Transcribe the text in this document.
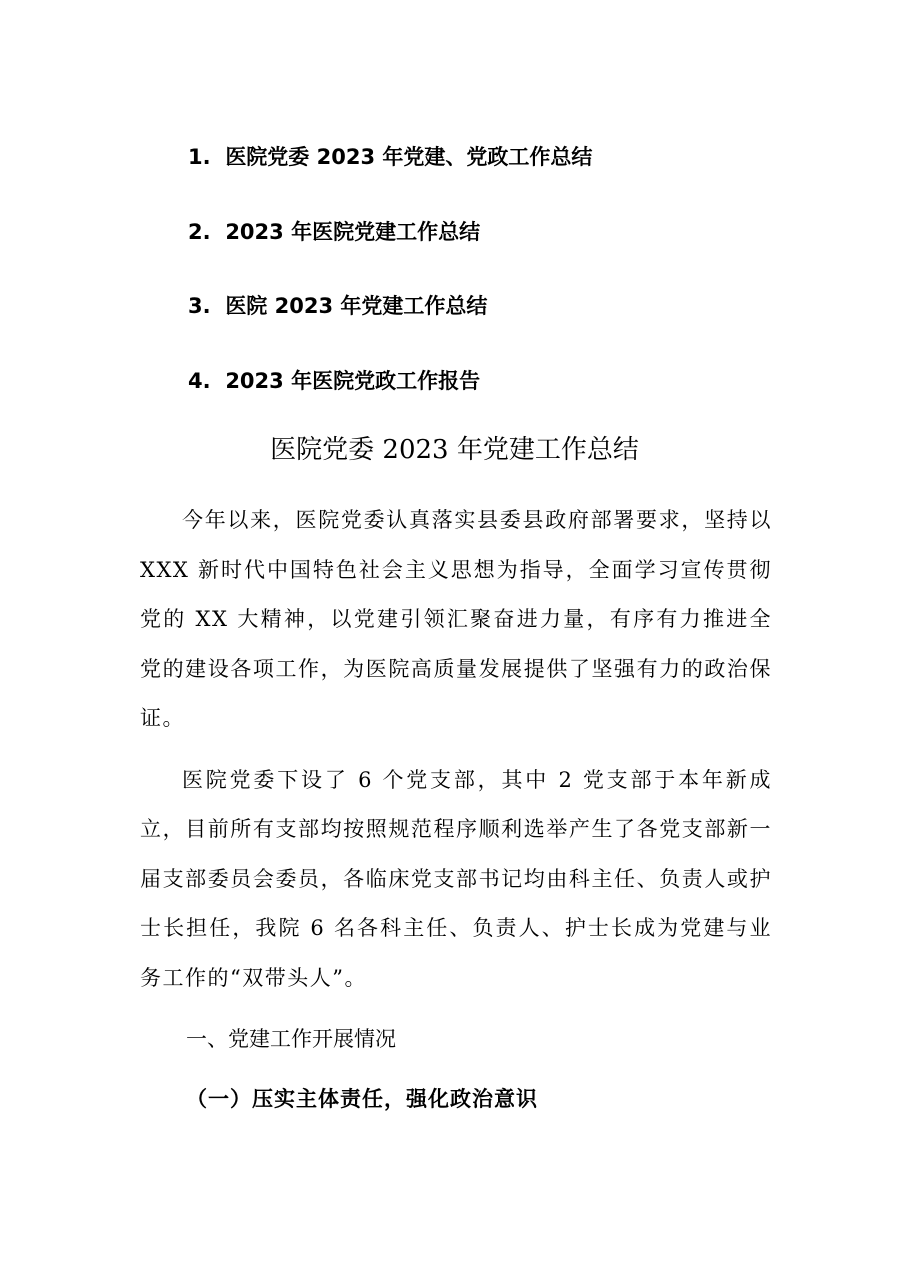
1. 医院党委 2023 年党建、党政工作总结
2. 2023 年医院党建工作总结
3. 医院 2023 年党建工作总结
4. 2023 年医院党政工作报告
医院党委 2023 年党建工作总结

今年以来，医院党委认真落实县委县政府部署要求，坚持以 XXX 新时代中国特色社会主义思想为指导，全面学习宣传贯彻党的 XX 大精神，以党建引领汇聚奋进力量，有序有力推进全党的建设各项工作，为医院高质量发展提供了坚强有力的政治保证。

医院党委下设了 6 个党支部，其中 2 党支部于本年新成立，目前所有支部均按照规范程序顺利选举产生了各党支部新一届支部委员会委员，各临床党支部书记均由科主任、负责人或护士长担任，我院 6 名各科主任、负责人、护士长成为党建与业务工作的“双带头人”。

一、党建工作开展情况
（一）压实主体责任，强化政治意识
